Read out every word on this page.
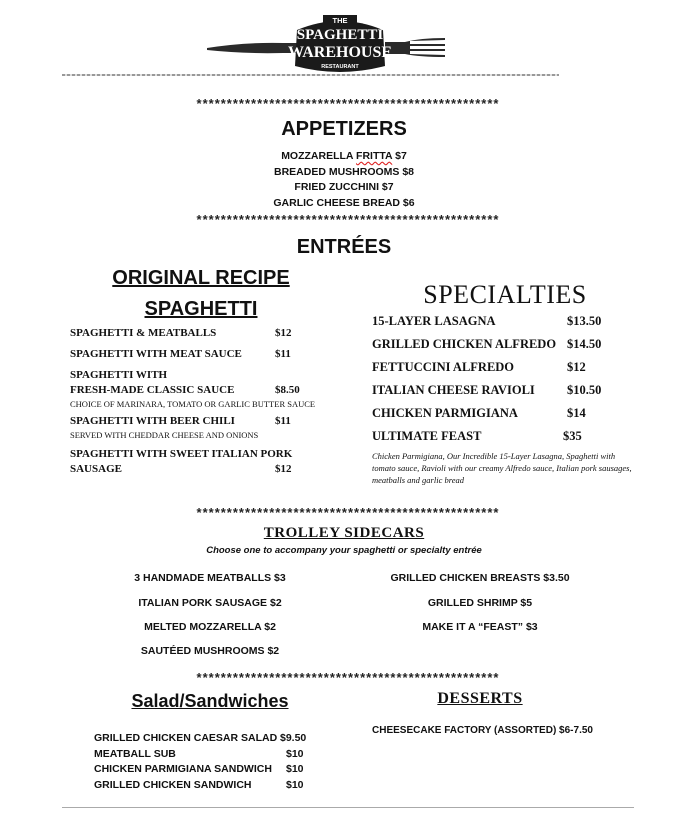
THE
SPAGHETTI
WAREHOUSE
RESTAURANT
**************************************************
APPETIZERS
MOZZARELLA FRITTA $7
BREADED MUSHROOMS $8
FRIED ZUCCHINI $7
GARLIC CHEESE BREAD $6
**************************************************
ENTRÉES
ORIGINAL RECIPE
SPAGHETTI
SPAGHETTI & MEATBALLS	$12
SPAGHETTI WITH MEAT SAUCE	$11
SPAGHETTI WITH
FRESH-MADE CLASSIC SAUCE	$8.50
CHOICE OF MARINARA, TOMATO OR GARLIC BUTTER SAUCE
SPAGHETTI WITH BEER CHILI	$11
SERVED WITH CHEDDAR CHEESE AND ONIONS
SPAGHETTI WITH SWEET ITALIAN PORK
SAUSAGE	$12
SPECIALTIES
15-LAYER LASAGNA	$13.50
GRILLED CHICKEN ALFREDO $14.50
FETTUCCINI ALFREDO	$12
ITALIAN CHEESE RAVIOLI	$10.50
CHICKEN PARMIGIANA	$14
ULTIMATE FEAST	$35
Chicken Parmigiana, Our Incredible 15-Layer Lasagna, Spaghetti with tomato sauce, Ravioli with our creamy Alfredo sauce, Italian pork sausages, meatballs and garlic bread
**************************************************
TROLLEY SIDECARS
Choose one to accompany your spaghetti or specialty entrée
3 HANDMADE MEATBALLS $3
ITALIAN PORK SAUSAGE $2
MELTED MOZZARELLA $2
SAUTÉED MUSHROOMS $2
GRILLED CHICKEN BREASTS $3.50
GRILLED SHRIMP $5
MAKE IT A “FEAST” $3
**************************************************
Salad/Sandwiches
GRILLED CHICKEN CAESAR SALAD $9.50
MEATBALL SUB	$10
CHICKEN PARMIGIANA SANDWICH $10
GRILLED CHICKEN SANDWICH	$10
DESSERTS
CHEESECAKE FACTORY (ASSORTED) $6-7.50
